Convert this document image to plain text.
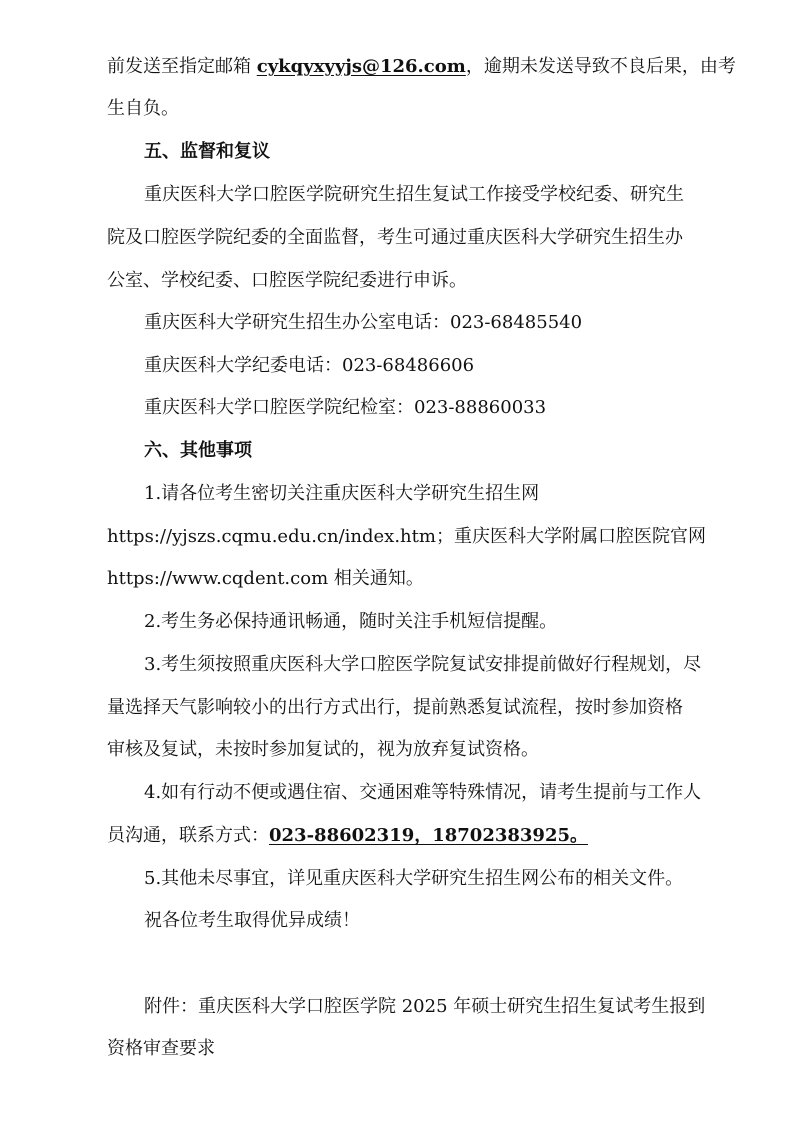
前发送至指定邮箱 cykqyxyyjs@126.com，逾期未发送导致不良后果，由考
生自负。
五、监督和复议
重庆医科大学口腔医学院研究生招生复试工作接受学校纪委、研究生
院及口腔医学院纪委的全面监督，考生可通过重庆医科大学研究生招生办
公室、学校纪委、口腔医学院纪委进行申诉。
重庆医科大学研究生招生办公室电话：023-68485540
重庆医科大学纪委电话：023-68486606
重庆医科大学口腔医学院纪检室：023-88860033
六、其他事项
1.请各位考生密切关注重庆医科大学研究生招生网
https://yjszs.cqmu.edu.cn/index.htm；重庆医科大学附属口腔医院官网
https://www.cqdent.com 相关通知。
2.考生务必保持通讯畅通，随时关注手机短信提醒。
3.考生须按照重庆医科大学口腔医学院复试安排提前做好行程规划，尽
量选择天气影响较小的出行方式出行，提前熟悉复试流程，按时参加资格
审核及复试，未按时参加复试的，视为放弃复试资格。
4.如有行动不便或遇住宿、交通困难等特殊情况，请考生提前与工作人
员沟通，联系方式：023-88602319，18702383925。
5.其他未尽事宜，详见重庆医科大学研究生招生网公布的相关文件。
祝各位考生取得优异成绩！
附件：重庆医科大学口腔医学院 2025 年硕士研究生招生复试考生报到
资格审查要求
